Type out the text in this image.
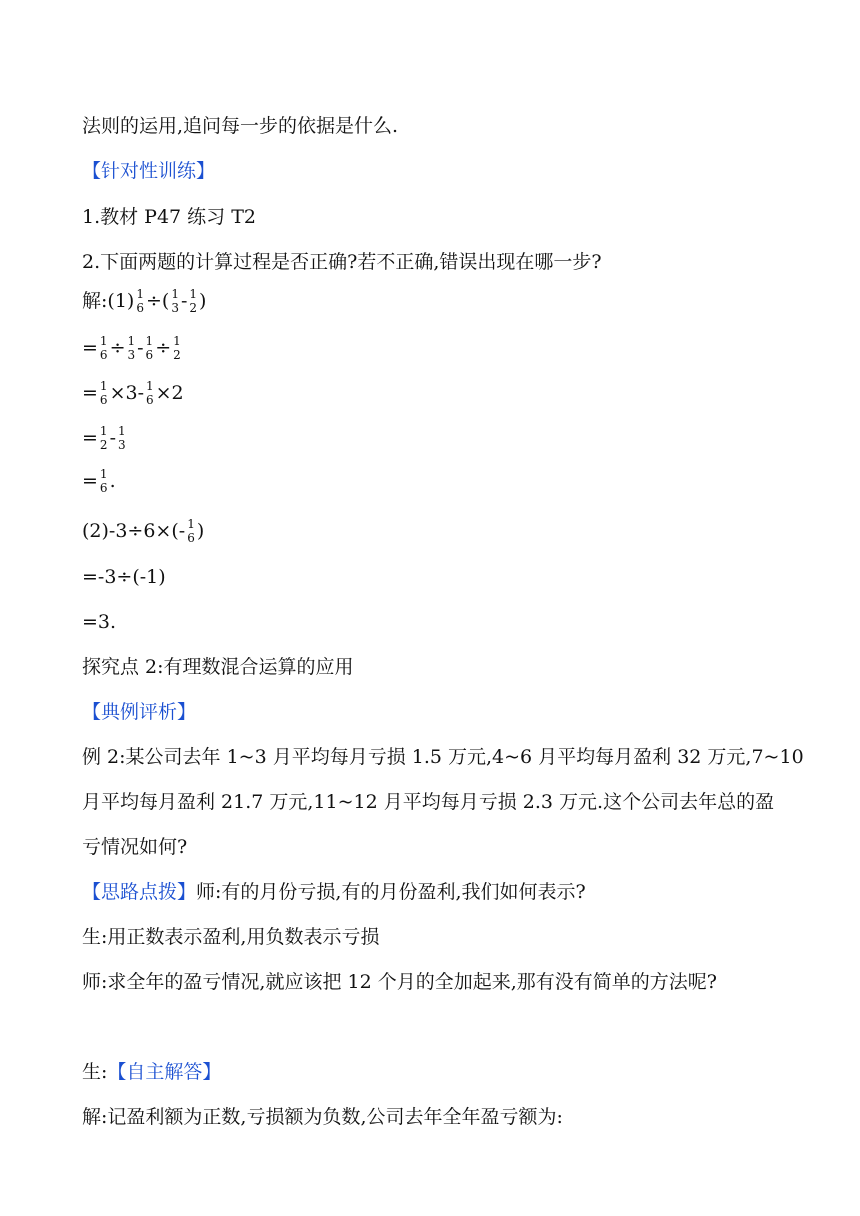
法则的运用,追问每一步的依据是什么.
【针对性训练】
1.教材 P47 练习 T2
2.下面两题的计算过程是否正确?若不正确,错误出现在哪一步?
解:(1) 1
6 ÷( 1
3 - 1
2 )
= 1
6 ÷ 1
3 - 1
6 ÷ 1
2
= 1
6 ×3- 1
6 ×2
= 1
2 - 1
3
= 1
6 .
(2)-3÷6×(- 1
6 )
=-3÷(-1)
=3.
探究点 2:有理数混合运算的应用
【典例评析】
例 2:某公司去年 1~3 月平均每月亏损 1.5 万元,4~6 月平均每月盈利 32 万元,7~10
月平均每月盈利 21.7 万元,11~12 月平均每月亏损 2.3 万元.这个公司去年总的盈
亏情况如何?
【思路点拨】师:有的月份亏损,有的月份盈利,我们如何表示?
生:用正数表示盈利,用负数表示亏损
师:求全年的盈亏情况,就应该把 12 个月的全加起来,那有没有简单的方法呢?
生:【自主解答】
解:记盈利额为正数,亏损额为负数,公司去年全年盈亏额为:
